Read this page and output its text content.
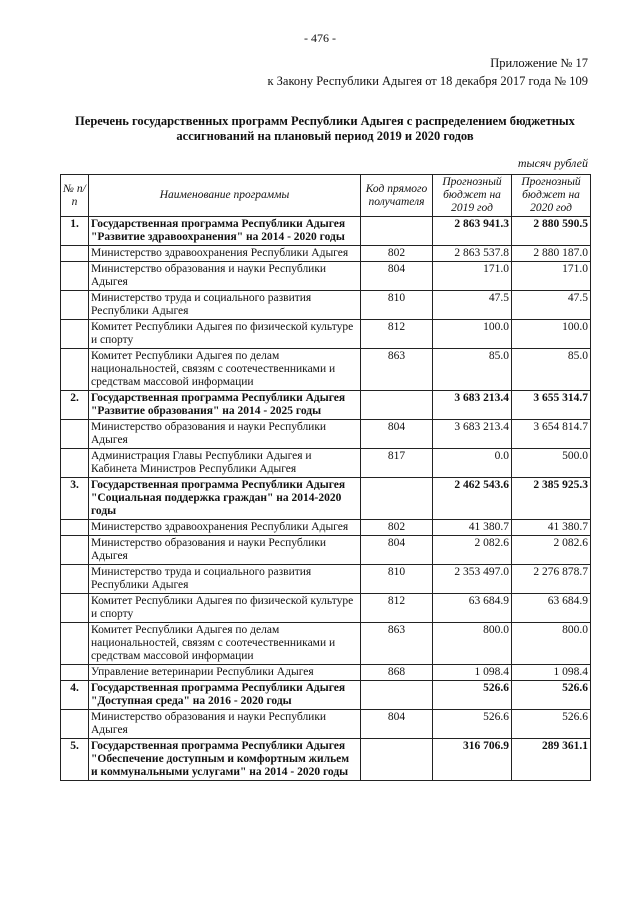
- 476 -
Приложение № 17
к Закону Республики Адыгея от 18 декабря 2017 года № 109
Перечень государственных программ Республики Адыгея с распределением бюджетных ассигнований на плановый период 2019 и 2020 годов
тысяч рублей
№ п/п	Наименование программы	Код прямого получателя	Прогнозный бюджет на 2019 год	Прогнозный бюджет на 2020 год
1.	Государственная программа Республики Адыгея "Развитие здравоохранения" на 2014 - 2020 годы		2 863 941.3	2 880 590.5
	Министерство здравоохранения Республики Адыгея	802	2 863 537.8	2 880 187.0
	Министерство образования и науки Республики Адыгея	804	171.0	171.0
	Министерство труда и социального развития Республики Адыгея	810	47.5	47.5
	Комитет Республики Адыгея по физической культуре и спорту	812	100.0	100.0
	Комитет Республики Адыгея по делам национальностей, связям с соотечественниками и средствам массовой информации	863	85.0	85.0
2.	Государственная программа Республики Адыгея "Развитие образования" на 2014 - 2025 годы		3 683 213.4	3 655 314.7
	Министерство образования и науки Республики Адыгея	804	3 683 213.4	3 654 814.7
	Администрация Главы Республики Адыгея и Кабинета Министров Республики Адыгея	817	0.0	500.0
3.	Государственная программа Республики Адыгея "Социальная поддержка граждан" на 2014-2020 годы		2 462 543.6	2 385 925.3
	Министерство здравоохранения Республики Адыгея	802	41 380.7	41 380.7
	Министерство образования и науки Республики Адыгея	804	2 082.6	2 082.6
	Министерство труда и социального развития Республики Адыгея	810	2 353 497.0	2 276 878.7
	Комитет Республики Адыгея по физической культуре и спорту	812	63 684.9	63 684.9
	Комитет Республики Адыгея по делам национальностей, связям с соотечественниками и средствам массовой информации	863	800.0	800.0
	Управление ветеринарии Республики Адыгея	868	1 098.4	1 098.4
4.	Государственная программа Республики Адыгея "Доступная среда" на 2016 - 2020 годы		526.6	526.6
	Министерство образования и науки Республики Адыгея	804	526.6	526.6
5.	Государственная программа Республики Адыгея "Обеспечение доступным и комфортным жильем и коммунальными услугами" на 2014 - 2020 годы		316 706.9	289 361.1
